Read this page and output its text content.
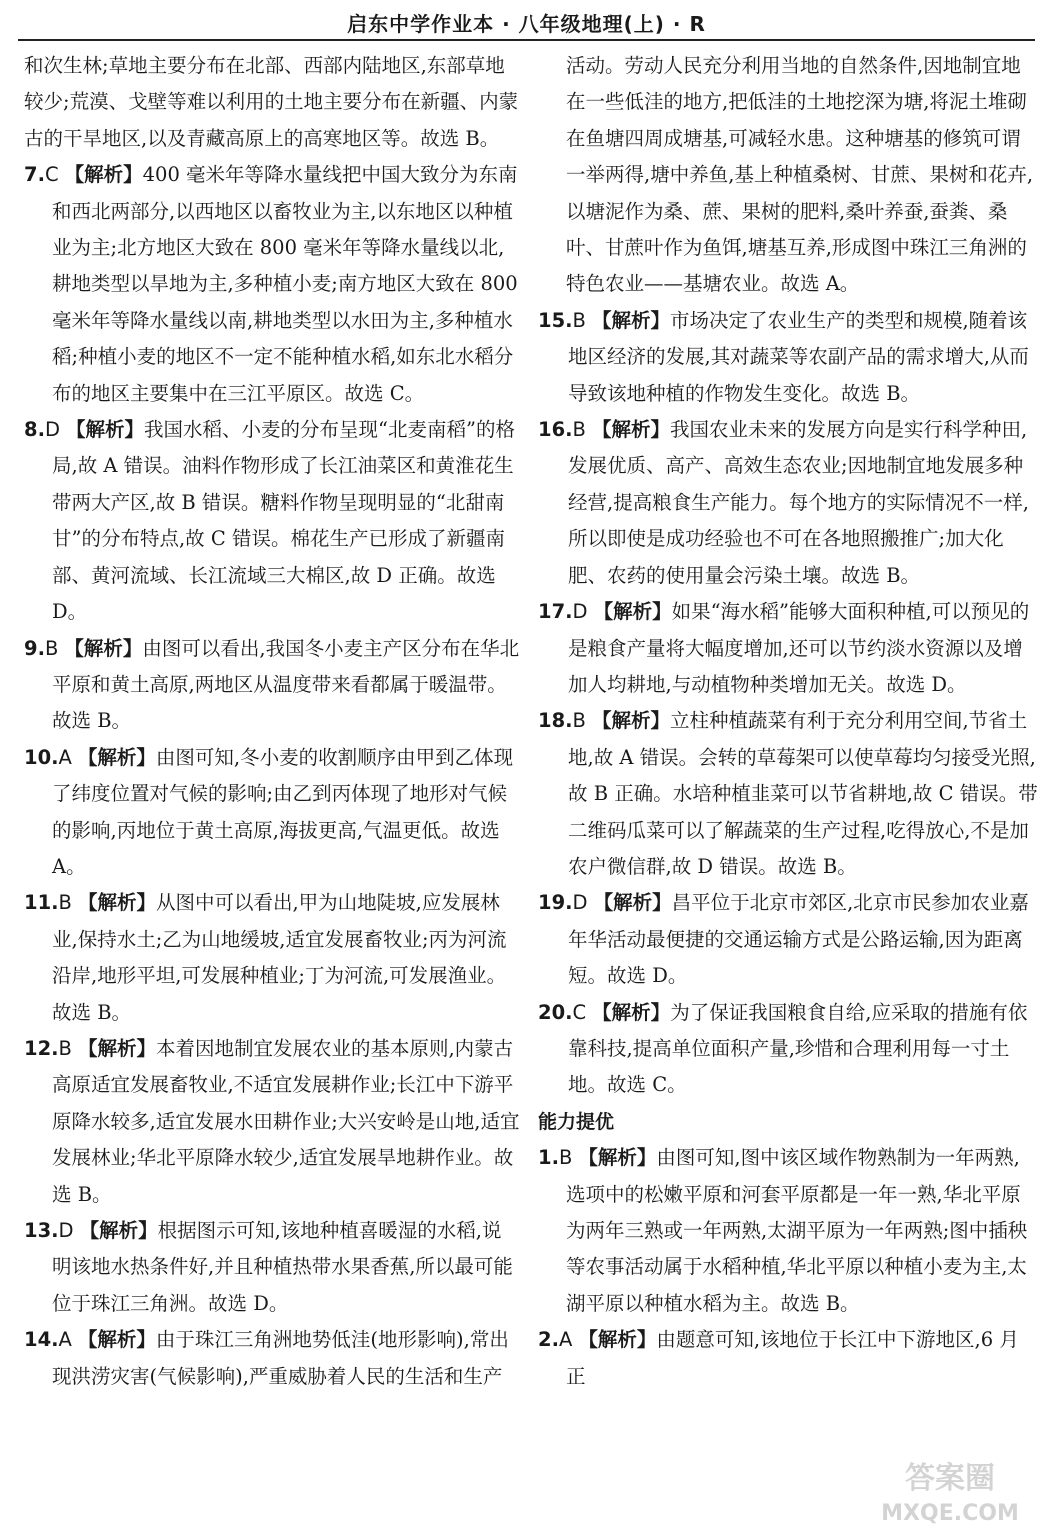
启东中学作业本 · 八年级地理(上) · R

和次生林;草地主要分布在北部、西部内陆地区,东部草地较少;荒漠、戈壁等难以利用的土地主要分布在新疆、内蒙古的干旱地区,以及青藏高原上的高寒地区等。故选 B。

7.C 【解析】400 毫米年等降水量线把中国大致分为东南和西北两部分,以西地区以畜牧业为主,以东地区以种植业为主;北方地区大致在 800 毫米年等降水量线以北,耕地类型以旱地为主,多种植小麦;南方地区大致在 800 毫米年等降水量线以南,耕地类型以水田为主,多种植水稻;种植小麦的地区不一定不能种植水稻,如东北水稻分布的地区主要集中在三江平原区。故选 C。

8.D 【解析】我国水稻、小麦的分布呈现“北麦南稻”的格局,故 A 错误。油料作物形成了长江油菜区和黄淮花生带两大产区,故 B 错误。糖料作物呈现明显的“北甜南甘”的分布特点,故 C 错误。棉花生产已形成了新疆南部、黄河流域、长江流域三大棉区,故 D 正确。故选 D。

9.B 【解析】由图可以看出,我国冬小麦主产区分布在华北平原和黄土高原,两地区从温度带来看都属于暖温带。故选 B。

10.A 【解析】由图可知,冬小麦的收割顺序由甲到乙体现了纬度位置对气候的影响;由乙到丙体现了地形对气候的影响,丙地位于黄土高原,海拔更高,气温更低。故选 A。

11.B 【解析】从图中可以看出,甲为山地陡坡,应发展林业,保持水土;乙为山地缓坡,适宜发展畜牧业;丙为河流沿岸,地形平坦,可发展种植业;丁为河流,可发展渔业。故选 B。

12.B 【解析】本着因地制宜发展农业的基本原则,内蒙古高原适宜发展畜牧业,不适宜发展耕作业;长江中下游平原降水较多,适宜发展水田耕作业;大兴安岭是山地,适宜发展林业;华北平原降水较少,适宜发展旱地耕作业。故选 B。

13.D 【解析】根据图示可知,该地种植喜暖湿的水稻,说明该地水热条件好,并且种植热带水果香蕉,所以最可能位于珠江三角洲。故选 D。

14.A 【解析】由于珠江三角洲地势低洼(地形影响),常出现洪涝灾害(气候影响),严重威胁着人民的生活和生产

活动。劳动人民充分利用当地的自然条件,因地制宜地在一些低洼的地方,把低洼的土地挖深为塘,将泥土堆砌在鱼塘四周成塘基,可减轻水患。这种塘基的修筑可谓一举两得,塘中养鱼,基上种植桑树、甘蔗、果树和花卉,以塘泥作为桑、蔗、果树的肥料,桑叶养蚕,蚕粪、桑叶、甘蔗叶作为鱼饵,塘基互养,形成图中珠江三角洲的特色农业——基塘农业。故选 A。

15.B 【解析】市场决定了农业生产的类型和规模,随着该地区经济的发展,其对蔬菜等农副产品的需求增大,从而导致该地种植的作物发生变化。故选 B。

16.B 【解析】我国农业未来的发展方向是实行科学种田,发展优质、高产、高效生态农业;因地制宜地发展多种经营,提高粮食生产能力。每个地方的实际情况不一样,所以即使是成功经验也不可在各地照搬推广;加大化肥、农药的使用量会污染土壤。故选 B。

17.D 【解析】如果“海水稻”能够大面积种植,可以预见的是粮食产量将大幅度增加,还可以节约淡水资源以及增加人均耕地,与动植物种类增加无关。故选 D。

18.B 【解析】立柱种植蔬菜有利于充分利用空间,节省土地,故 A 错误。会转的草莓架可以使草莓均匀接受光照,故 B 正确。水培种植韭菜可以节省耕地,故 C 错误。带二维码瓜菜可以了解蔬菜的生产过程,吃得放心,不是加农户微信群,故 D 错误。故选 B。

19.D 【解析】昌平位于北京市郊区,北京市民参加农业嘉年华活动最便捷的交通运输方式是公路运输,因为距离短。故选 D。

20.C 【解析】为了保证我国粮食自给,应采取的措施有依靠科技,提高单位面积产量,珍惜和合理利用每一寸土地。故选 C。

能力提优

1.B 【解析】由图可知,图中该区域作物熟制为一年两熟,选项中的松嫩平原和河套平原都是一年一熟,华北平原为两年三熟或一年两熟,太湖平原为一年两熟;图中插秧等农事活动属于水稻种植,华北平原以种植小麦为主,太湖平原以种植水稻为主。故选 B。

2.A 【解析】由题意可知,该地位于长江中下游地区,6 月正

答案圈
MXQE.COM
